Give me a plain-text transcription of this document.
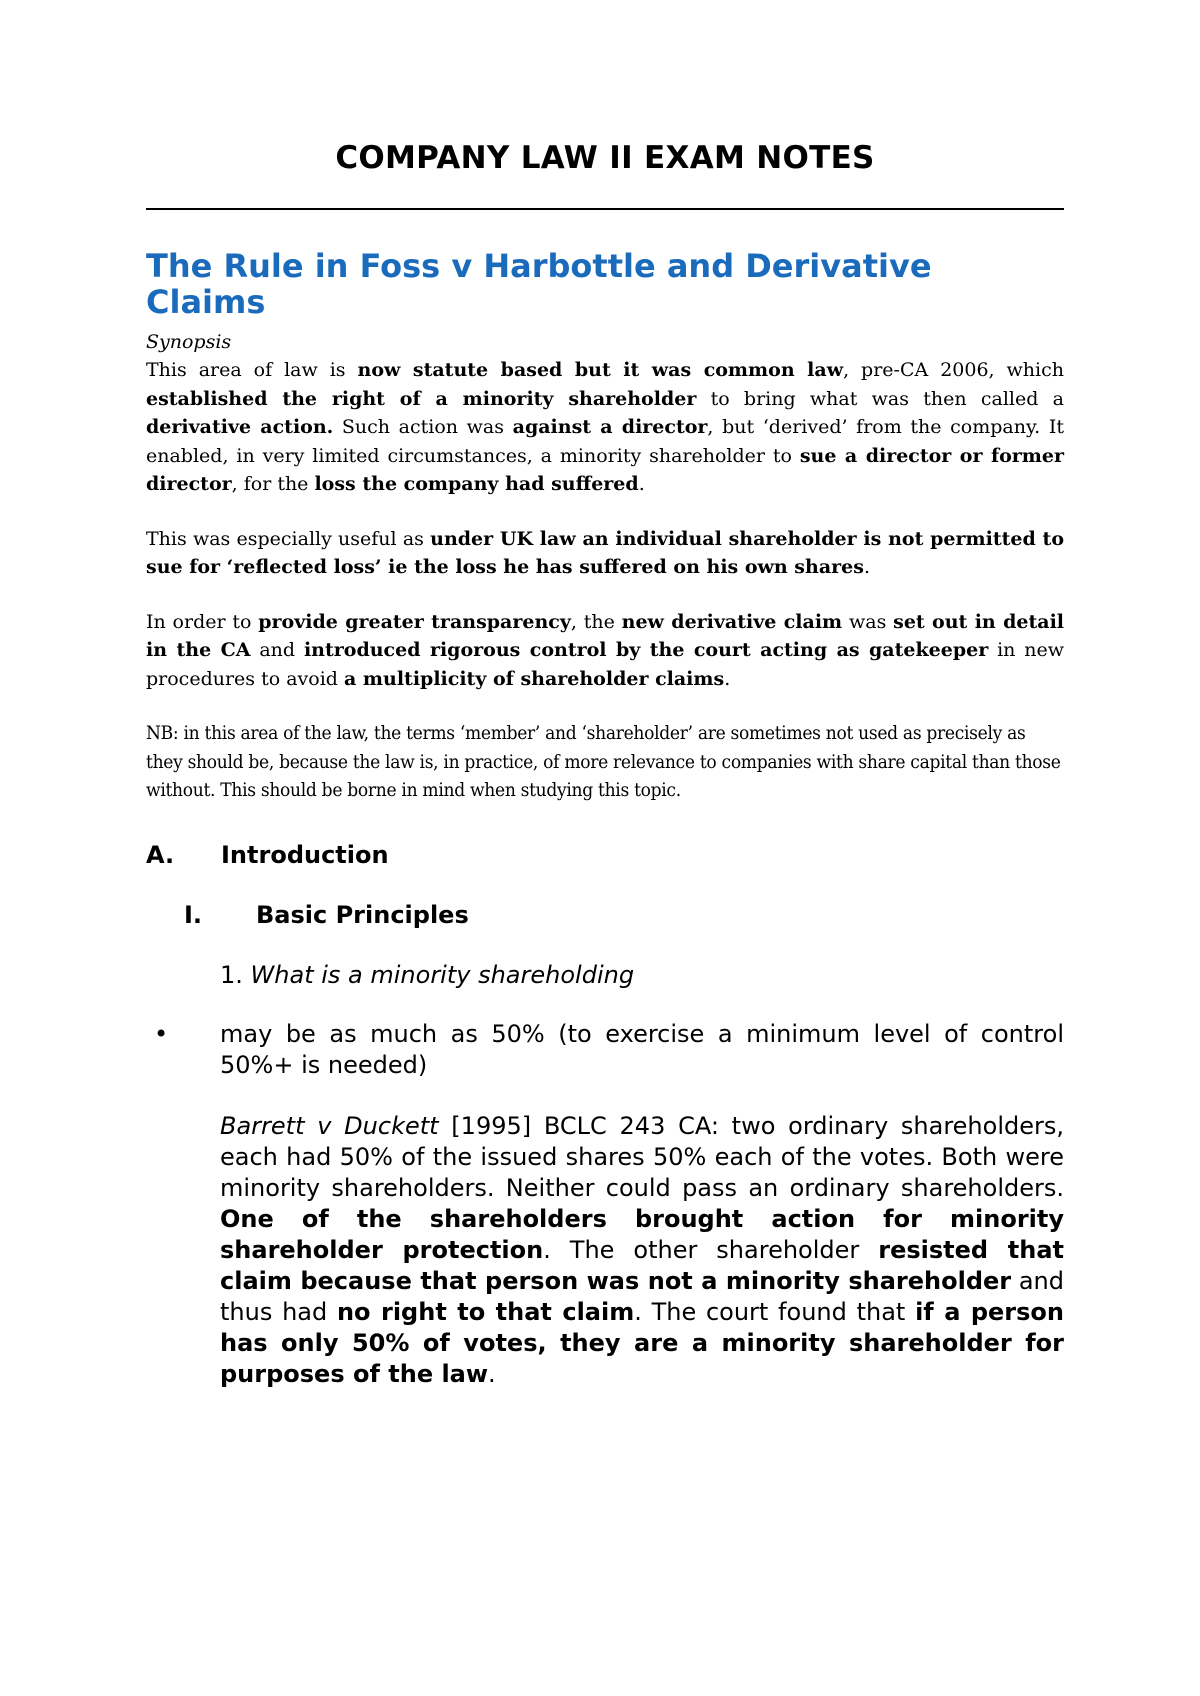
COMPANY LAW II EXAM NOTES
The Rule in Foss v Harbottle and Derivative Claims

Synopsis

This area of law is now statute based but it was common law, pre-CA 2006, which established the right of a minority shareholder to bring what was then called a derivative action. Such action was against a director, but ‘derived’ from the company. It enabled, in very limited circumstances, a minority shareholder to sue a director or former director, for the loss the company had suffered.

This was especially useful as under UK law an individual shareholder is not permitted to sue for ‘reflected loss’ ie the loss he has suffered on his own shares.

In order to provide greater transparency, the new derivative claim was set out in detail in the CA and introduced rigorous control by the court acting as gatekeeper in new procedures to avoid a multiplicity of shareholder claims.

NB: in this area of the law, the terms ‘member’ and ‘shareholder’ are sometimes not used as precisely as they should be, because the law is, in practice, of more relevance to companies with share capital than those without. This should be borne in mind when studying this topic.

A.	Introduction
I.	Basic Principles
1. What is a minority shareholding
•	may be as much as 50% (to exercise a minimum level of control 50%+ is needed)

Barrett v Duckett [1995] BCLC 243 CA: two ordinary shareholders, each had 50% of the issued shares 50% each of the votes. Both were minority shareholders. Neither could pass an ordinary shareholders. One of the shareholders brought action for minority shareholder protection. The other shareholder resisted that claim because that person was not a minority shareholder and thus had no right to that claim. The court found that if a person has only 50% of votes, they are a minority shareholder for purposes of the law.
